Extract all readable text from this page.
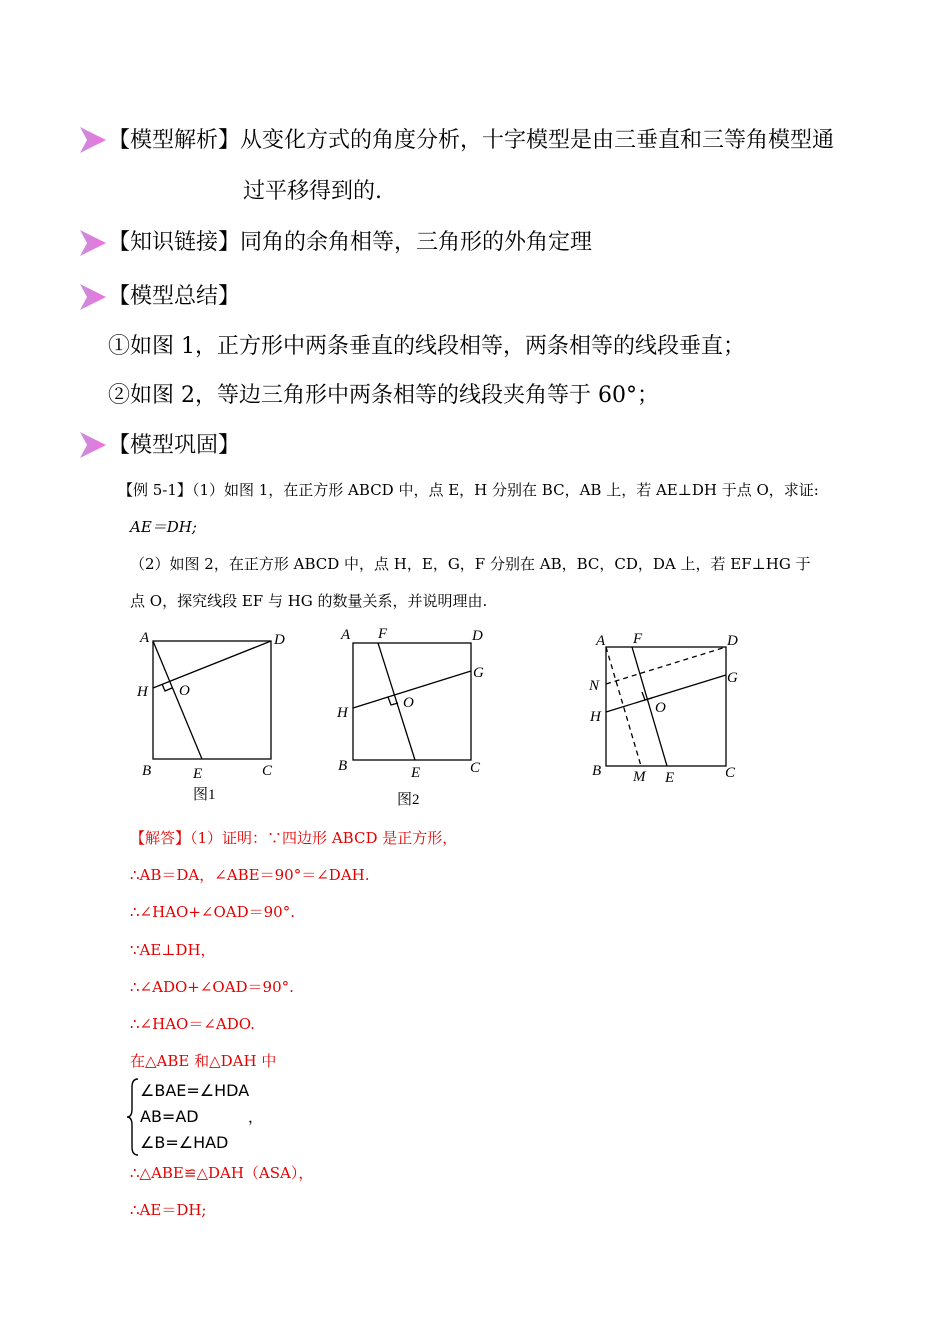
【模型解析】从变化方式的角度分析，十字模型是由三垂直和三等角模型通
过平移得到的.
【知识链接】同角的余角相等，三角形的外角定理
【模型总结】
①如图 1，正方形中两条垂直的线段相等，两条相等的线段垂直；
②如图 2，等边三角形中两条相等的线段夹角等于 60°；
【模型巩固】
【例 5-1】（1）如图 1，在正方形 ABCD 中，点 E，H 分别在 BC，AB 上，若 AE⊥DH 于点 O，求证:
AE＝DH;
（2）如图 2，在正方形 ABCD 中，点 H，E，G，F 分别在 AB，BC，CD，DA 上，若 EF⊥HG 于
点 O，探究线段 EF 与 HG 的数量关系，并说明理由.
A	D
H O
B	E	C
A F	D
G
H
O
B	E	C
A F	D
N	G
H
O
B M E	C
图1	图2
【解答】（1）证明：∵四边形 ABCD 是正方形，
∴AB＝DA，∠ABE＝90°＝∠DAH.
∴∠HAO+∠OAD＝90°.
∵AE⊥DH，
∴∠ADO+∠OAD＝90°.
∴∠HAO＝∠ADO.
在△ABE 和△DAH 中
∠BAE=∠HDA
AB=AD
∠B=∠HAD
，
∴△ABE≌△DAH（ASA），
∴AE＝DH;
